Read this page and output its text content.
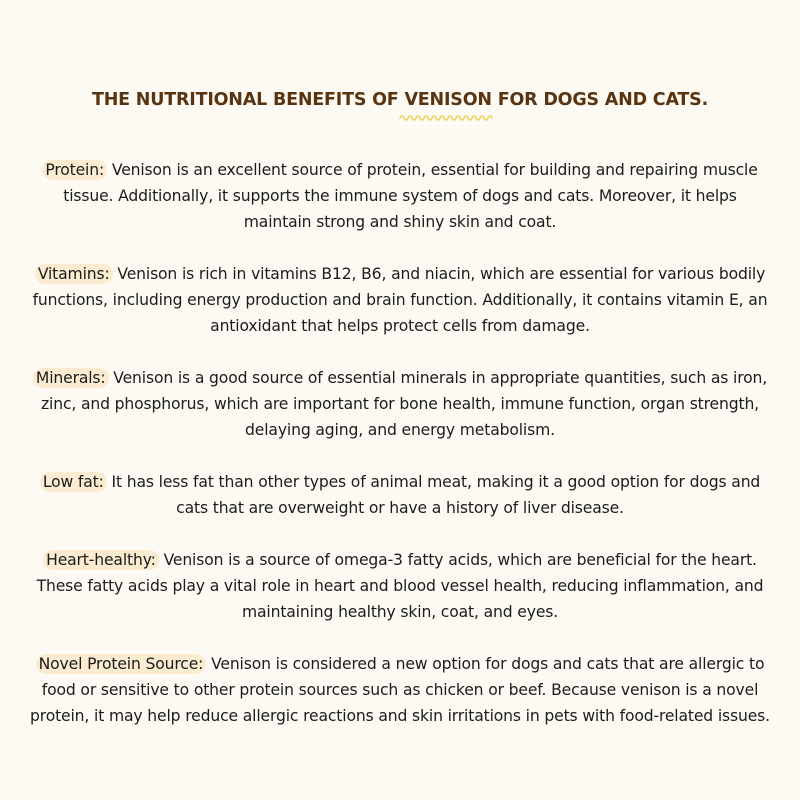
THE NUTRITIONAL BENEFITS OF VENISON FOR DOGS AND CATS.

Protein: Venison is an excellent source of protein, essential for building and repairing muscle tissue. Additionally, it supports the immune system of dogs and cats. Moreover, it helps maintain strong and shiny skin and coat.

Vitamins: Venison is rich in vitamins B12, B6, and niacin, which are essential for various bodily functions, including energy production and brain function. Additionally, it contains vitamin E, an antioxidant that helps protect cells from damage.

Minerals: Venison is a good source of essential minerals in appropriate quantities, such as iron, zinc, and phosphorus, which are important for bone health, immune function, organ strength, delaying aging, and energy metabolism.

Low fat: It has less fat than other types of animal meat, making it a good option for dogs and cats that are overweight or have a history of liver disease.

Heart-healthy: Venison is a source of omega-3 fatty acids, which are beneficial for the heart. These fatty acids play a vital role in heart and blood vessel health, reducing inflammation, and maintaining healthy skin, coat, and eyes.

Novel Protein Source: Venison is considered a new option for dogs and cats that are allergic to food or sensitive to other protein sources such as chicken or beef. Because venison is a novel protein, it may help reduce allergic reactions and skin irritations in pets with food-related issues.
